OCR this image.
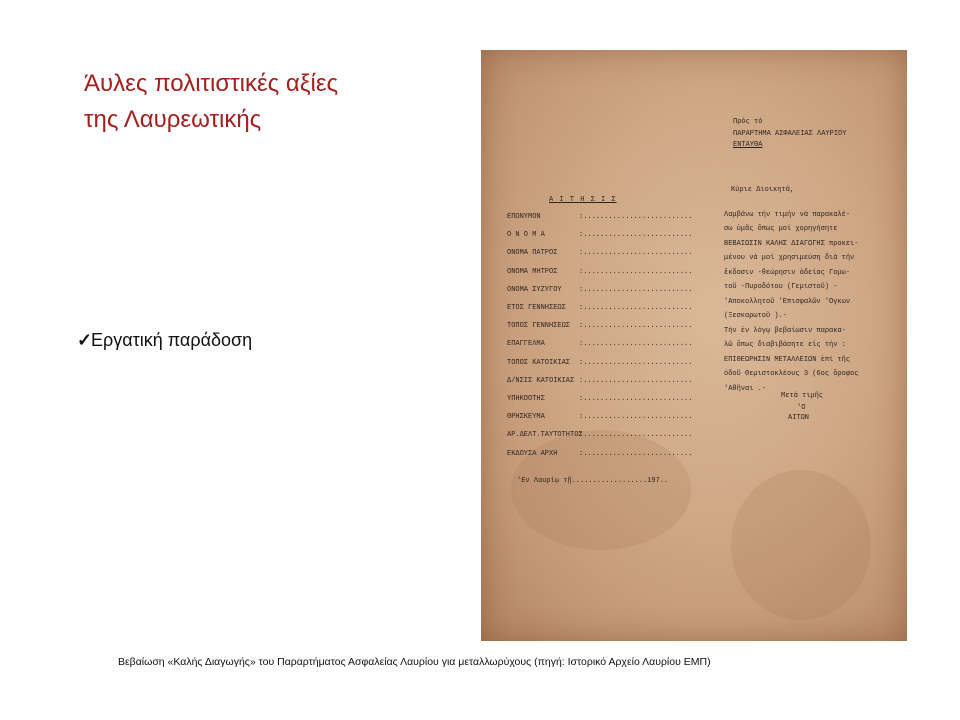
Άυλες πολιτιστικές αξίες
της Λαυρεωτικής
✓Εργατική παράδοση
Πρός τό
ΠΑΡΑΡΤΗΜΑ ΑΣΦΑΛΕΙΑΣ ΛΑΥΡΙΟΥ
ΕΝΤΑΥΘΑ
Α Ι Τ Η Σ Ι Σ
ΕΠΩΝΥΜΟΝ	:..........................
Ο Ν Ο Μ Α	:..........................
ΟΝΟΜΑ ΠΑΤΡΟΣ	:..........................
ΟΝΟΜΑ ΜΗΤΡΟΣ	:..........................
ΟΝΟΜΑ ΣΥΖΥΓΟΥ :..........................
ΕΤΟΣ ΓΕΝΝΗΣΕΩΣ :..........................
ΤΟΠΟΣ ΓΕΝΝΗΣΕΩΣ :..........................
ΕΠΑΓΓΕΛΜΑ	:..........................
ΤΟΠΟΣ ΚΑΤΟΙΚΙΑΣ :..........................
Δ/ΝΣΙΣ ΚΑΤΟΙΚΙΑΣ :..........................
ΥΠΗΚΟΟΤΗΣ	:..........................
ΘΡΗΣΚΕΥΜΑ	:..........................
ΑΡ.ΔΕΛΤ.ΤΑΥΤΟΤΗΤΟΣ:..........................
ΕΚΔΟΥΣΑ ΑΡΧΗ	:..........................
Κύριε Διοικητά,
Λαμβάνω τήν τιμήν νά παρακαλέ-
σω ὑμᾶς ὅπως μοί χορηγήσητε
ΒΕΒΑΙΩΣΙΝ ΚΑΛΗΣ ΔΙΑΓΩΓΗΣ προκει-
μένου νά μοί χρησιμεύση διά τήν
ἔκδοσιν -θεώρησιν ἀδείας Γομω-
τοῦ -Πυροδότου (Γεμιστοῦ) -
'Αποκολλητοῦ 'Επισφαλῶν 'Ογκων
(Ξεσκαρωτοῦ ).-
Τήν ἐν λόγῳ βεβαίωσιν παρακα-
λῶ ὅπως διαβιβάσητε εἰς τήν :
ΕΠΙΘΕΩΡΗΣΙΝ ΜΕΤΑΛΛΕΙΩΝ ἐπί τῆς
ὁδοῦ Θεμιστοκλέους 3 (6ος ὄροφος
'Αθῆναι .-
Μετά τιμῆς
'Ο
ΑΙΤΩΝ
'Εν Λαυρίῳ τῇ..................197..
Βεβαίωση «Καλής Διαγωγής» του Παραρτήματος Ασφαλείας Λαυρίου για μεταλλωρύχους (πηγή: Ιστορικό Αρχείο Λαυρίου ΕΜΠ)
